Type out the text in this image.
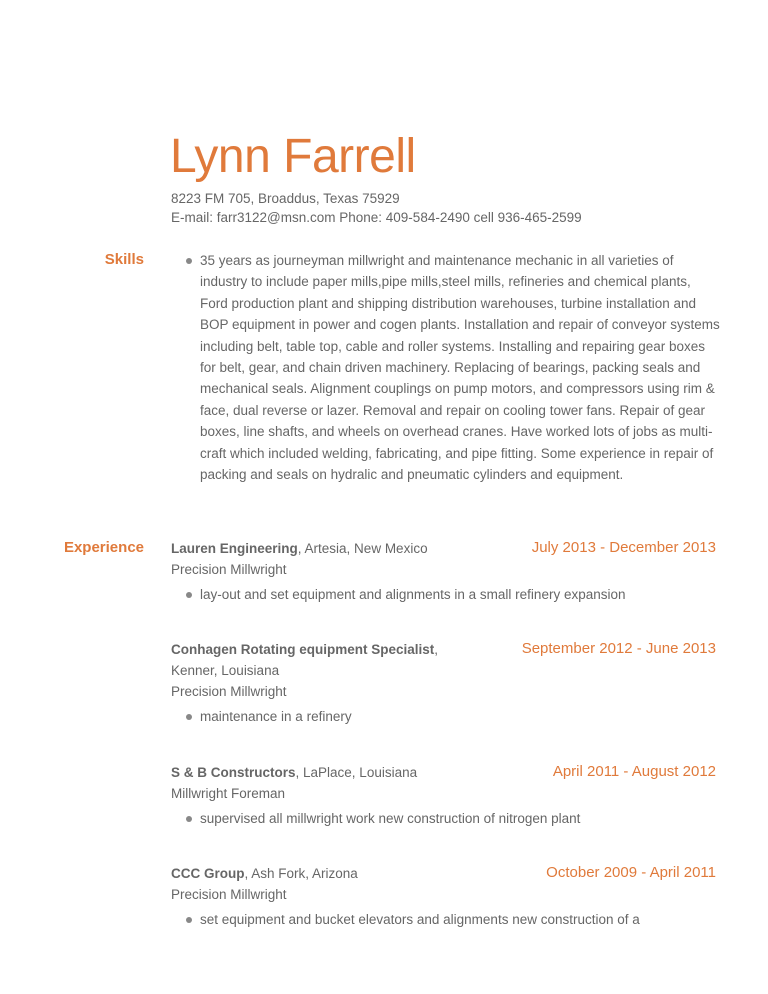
Lynn Farrell
8223 FM 705, Broaddus, Texas 75929
E-mail: farr3122@msn.com Phone: 409-584-2490 cell 936-465-2599
Skills	35 years as journeyman millwright and maintenance mechanic in all varieties of industry to include paper mills,pipe mills,steel mills, refineries and chemical plants, Ford production plant and shipping distribution warehouses, turbine installation and BOP equipment in power and cogen plants. Installation and repair of conveyor systems including belt, table top, cable and roller systems. Installing and repairing gear boxes for belt, gear, and chain driven machinery. Replacing of bearings, packing seals and mechanical seals. Alignment couplings on pump motors, and compressors using rim & face, dual reverse or lazer. Removal and repair on cooling tower fans. Repair of gear boxes, line shafts, and wheels on overhead cranes. Have worked lots of jobs as multi-craft which included welding, fabricating, and pipe fitting. Some experience in repair of packing and seals on hydralic and pneumatic cylinders and equipment.
Experience Lauren Engineering, Artesia, New Mexico	July 2013 - December 2013
Precision Millwright
lay-out and set equipment and alignments in a small refinery expansion
Conhagen Rotating equipment Specialist, Kenner, Louisiana
September 2012 - June 2013
Precision Millwright
maintenance in a refinery
S & B Constructors, LaPlace, Louisiana	April 2011 - August 2012
Millwright Foreman
supervised all millwright work new construction of nitrogen plant
CCC Group, Ash Fork, Arizona	October 2009 - April 2011
Precision Millwright
set equipment and bucket elevators and alignments new construction of a
